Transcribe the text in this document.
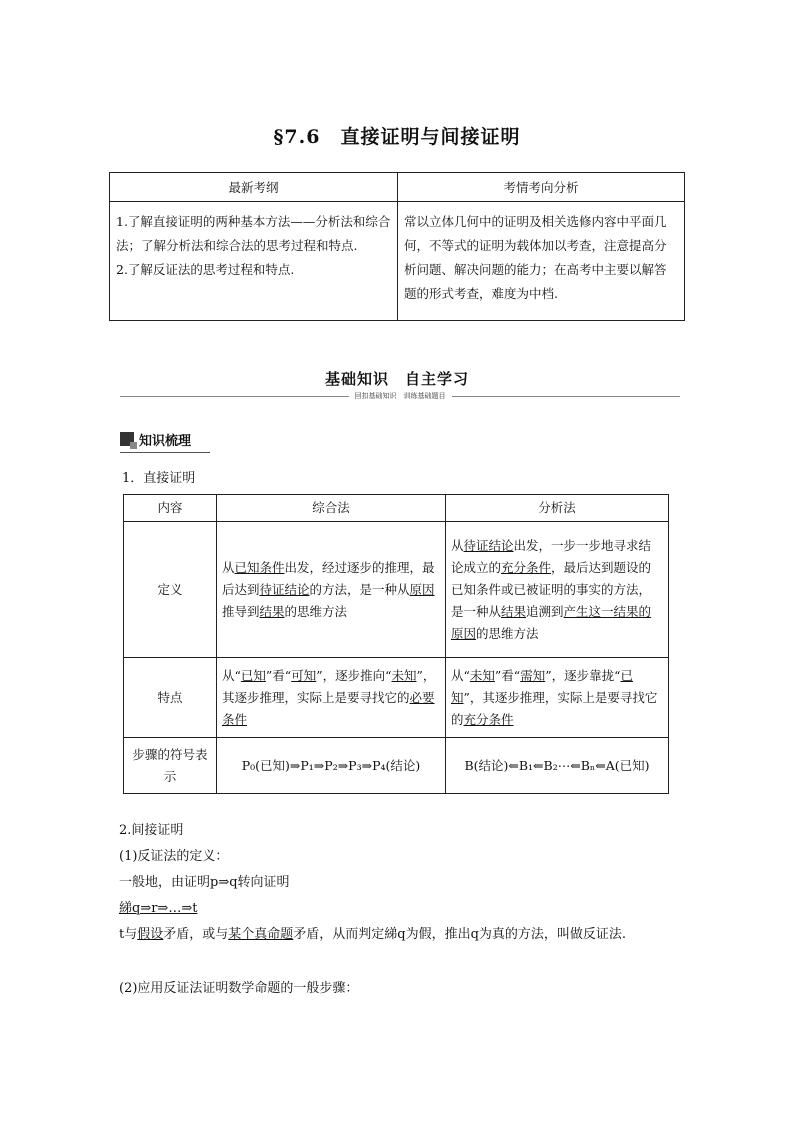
§7.6　直接证明与间接证明
最新考纲	考情考向分析

1.了解直接证明的两种基本方法——分析法和综合法；了解分析法和综合法的思考过程和特点.
2.了解反证法的思考过程和特点.	常以立体几何中的证明及相关选修内容中平面几何，不等式的证明为载体加以考查，注意提高分析问题、解决问题的能力；在高考中主要以解答题的形式考查，难度为中档.
基础知识　自主学习
回扣基础知识　训练基础题目
知识梳理
1．直接证明
内容	综合法	分析法
定义	从已知条件出发，经过逐步的推理，最后达到待证结论的方法，是一种从原因推导到结果的思维方法	从待证结论出发，一步一步地寻求结论成立的充分条件，最后达到题设的已知条件或已被证明的事实的方法，是一种从结果追溯到产生这一结果的原因的思维方法
特点	从“已知”看“可知”，逐步推向“未知”，其逐步推理，实际上是要寻找它的必要条件	从“未知”看“需知”，逐步靠拢“已知”，其逐步推理，实际上是要寻找它的充分条件
步骤的符号表示	P₀(已知)⇒P₁⇒P₂⇒P₃⇒P₄(结论)	B(结论)⇐B₁⇐B₂⋯⇐Bₙ⇐A(已知)
2.间接证明
(1)反证法的定义：
一般地，由证明p⇒q转向证明
綈q⇒r⇒…⇒t
t与假设矛盾，或与某个真命题矛盾，从而判定綈q为假，推出q为真的方法，叫做反证法.
(2)应用反证法证明数学命题的一般步骤：
